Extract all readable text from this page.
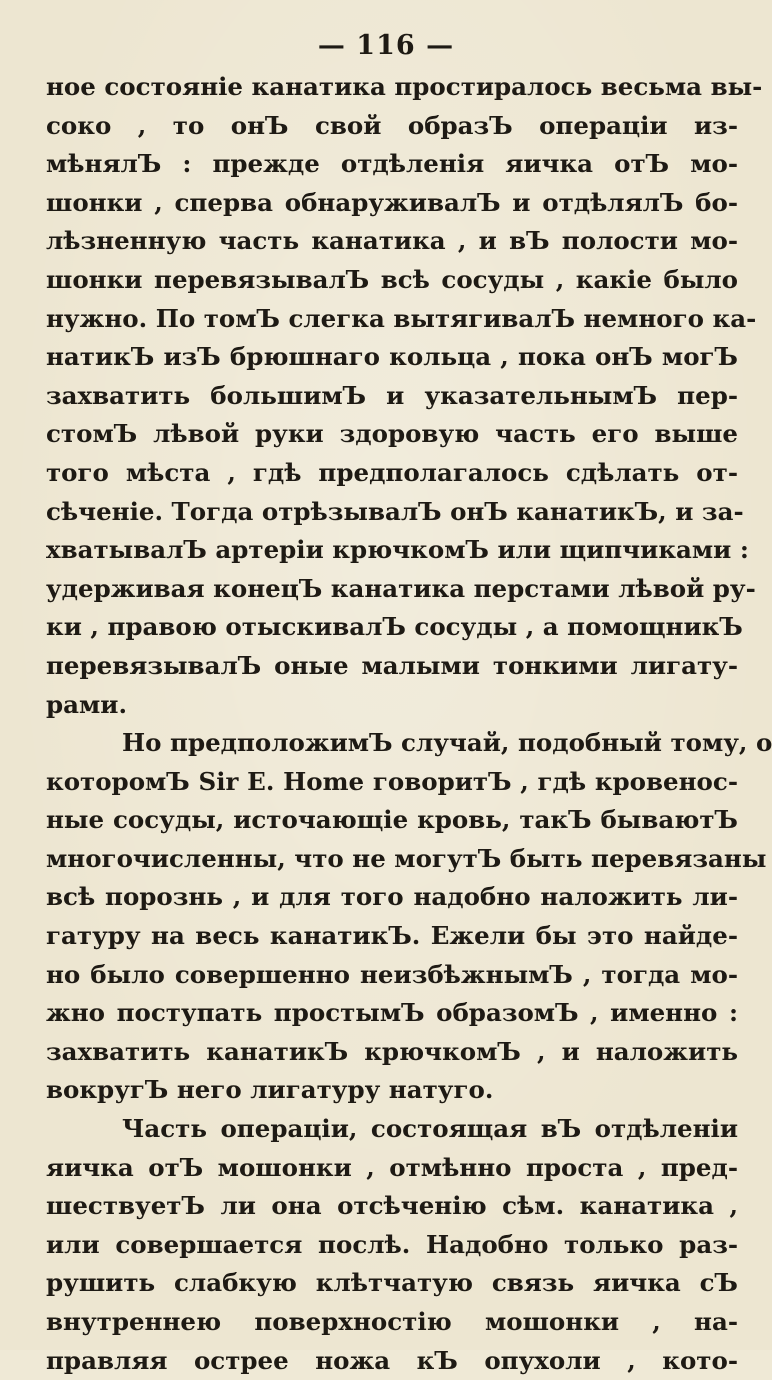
— 116 —
ное состояніе канатика простиралось весьма вы-
соко , то онЪ свой образЪ операціи из-
мѣнялЪ : прежде отдѣленія яичка отЪ мо-
шонки , сперва обнаруживалЪ и отдѣлялЪ бо-
лѣзненную часть канатика , и вЪ полости мо-
шонки перевязывалЪ всѣ сосуды , какіе было
нужно. По томЪ слегка вытягивалЪ немного ка-
натикЪ изЪ брюшнаго кольца , пока онЪ могЪ
захватить большимЪ и указательнымЪ пер-
стомЪ лѣвой руки здоровую часть его выше
того мѣста , гдѣ предполагалось сдѣлать от-
сѣченіе. Тогда отрѣзывалЪ онЪ канатикЪ, и за-
хватывалЪ артеріи крючкомЪ или щипчиками :
удерживая конецЪ канатика перстами лѣвой ру-
ки , правою отыскивалЪ сосуды , а помощникЪ
перевязывалЪ оные малыми тонкими лигату-
рами.
Но предположимЪ случай, подобный тому, о
которомЪ Sir E. Home говоритЪ , гдѣ кровенос-
ные сосуды, источающіе кровь, такЪ бываютЪ
многочисленны, что не могутЪ быть перевязаны
всѣ порознь , и для того надобно наложить ли-
гатуру на весь канатикЪ. Ежели бы это найде-
но было совершенно неизбѣжнымЪ , тогда мо-
жно поступать простымЪ образомЪ , именно :
захватить канатикЪ крючкомЪ , и наложить
вокругЪ него лигатуру натуго.
Часть операціи, состоящая вЪ отдѣленіи
яичка отЪ мошонки , отмѣнно проста , пред-
шествуетЪ ли она отсѣченію сѣм. канатика ,
или совершается послѣ. Надобно только раз-
рушить слабкую клѣтчатую связь яичка сЪ
внутреннею поверхностію мошонки , на-
правляя острее ножа кЪ опухоли , кото-
